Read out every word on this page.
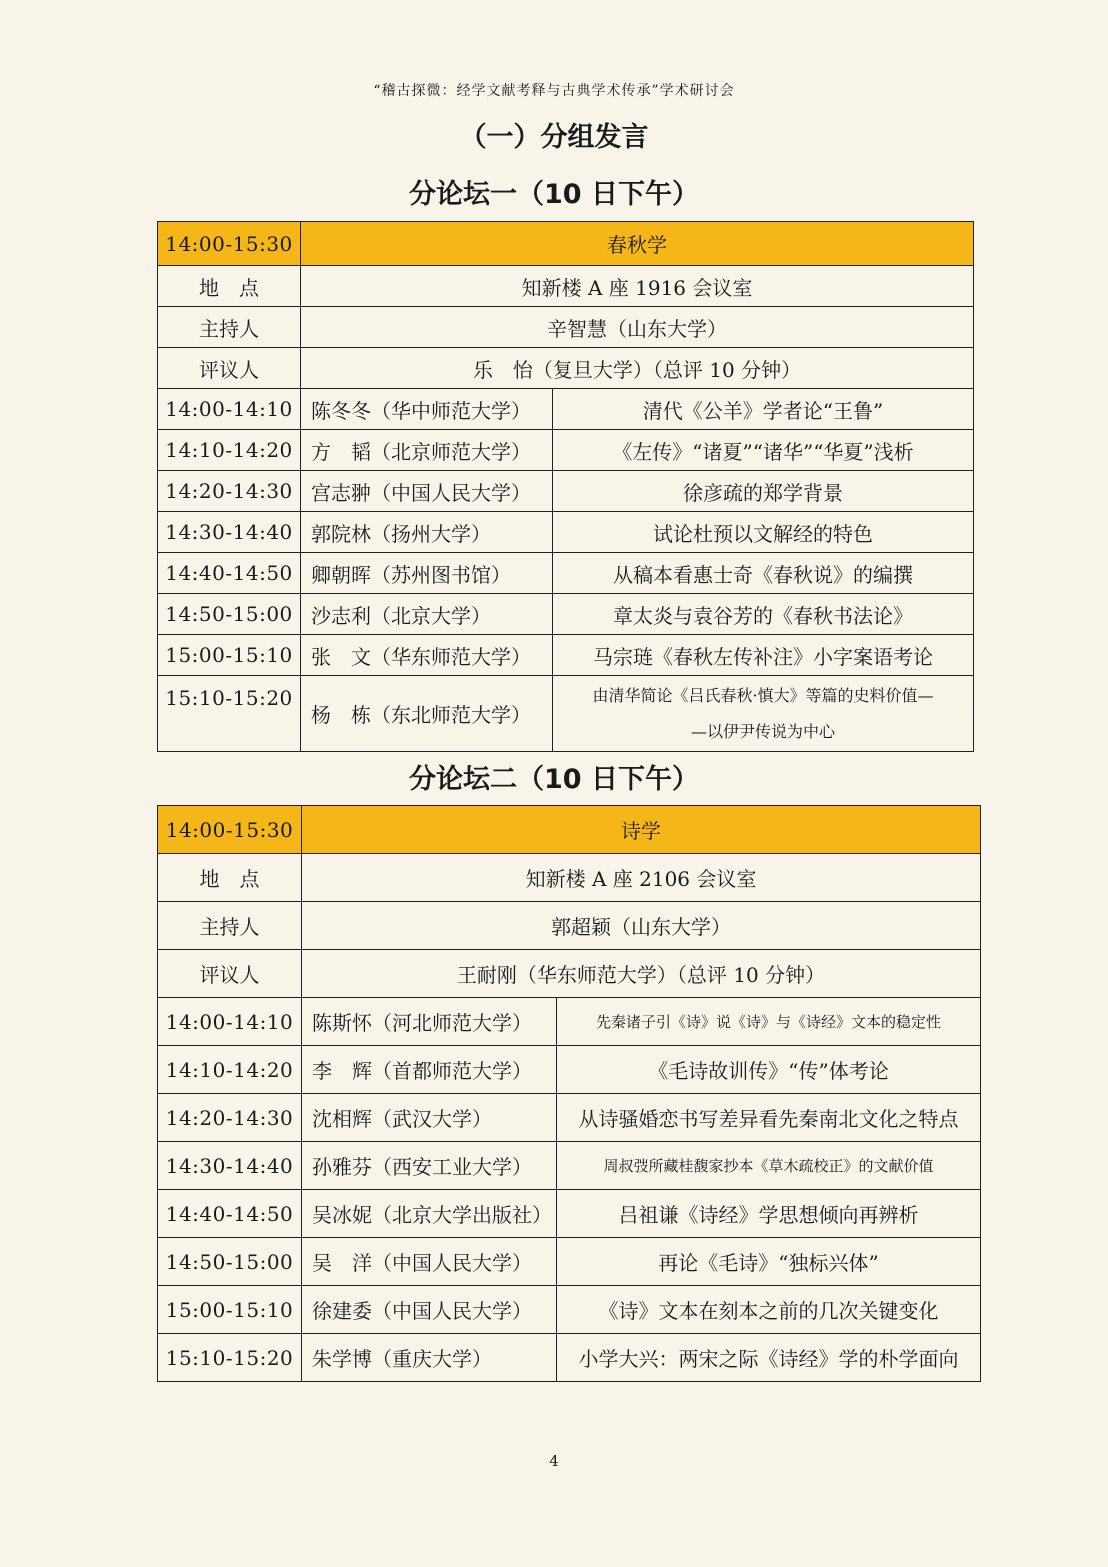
“稽古探微：经学文献考释与古典学术传承”学术研讨会
（一）分组发言
分论坛一（10 日下午）
14:00-15:30	春秋学	
地　点	知新楼 A 座 1916 会议室	
主持人	辛智慧（山东大学）	
评议人	乐　怡（复旦大学）（总评 10 分钟）	
14:00-14:10	陈冬冬（华中师范大学）	清代《公羊》学者论“王鲁”
14:10-14:20	方　韬（北京师范大学）	《左传》“诸夏”“诸华”“华夏”浅析
14:20-14:30	宫志翀（中国人民大学）	徐彦疏的郑学背景
14:30-14:40	郭院林（扬州大学）	试论杜预以文解经的特色
14:40-14:50	卿朝晖（苏州图书馆）	从稿本看惠士奇《春秋说》的编撰
14:50-15:00	沙志利（北京大学）	章太炎与袁谷芳的《春秋书法论》
15:00-15:10	张　文（华东师范大学）	马宗琏《春秋左传补注》小字案语考论
15:10-15:20	杨　栋（东北师范大学）	由清华简论《吕氏春秋·慎大》等篇的史料价值—
—以伊尹传说为中心
分论坛二（10 日下午）
14:00-15:30	诗学	
地　点	知新楼 A 座 2106 会议室	
主持人	郭超颖（山东大学）	
评议人	王耐刚（华东师范大学）（总评 10 分钟）	
14:00-14:10	陈斯怀（河北师范大学）	先秦诸子引《诗》说《诗》与《诗经》文本的稳定性
14:10-14:20	李　辉（首都师范大学）	《毛诗故训传》“传”体考论
14:20-14:30	沈相辉（武汉大学）	从诗骚婚恋书写差异看先秦南北文化之特点
14:30-14:40	孙雅芬（西安工业大学）	周叔弢所藏桂馥家抄本《草木疏校正》的文献价值
14:40-14:50	吴冰妮（北京大学出版社）	吕祖谦《诗经》学思想倾向再辨析
14:50-15:00	吴　洋（中国人民大学）	再论《毛诗》“独标兴体”
15:00-15:10	徐建委（中国人民大学）	《诗》文本在刻本之前的几次关键变化
15:10-15:20	朱学博（重庆大学）	小学大兴：两宋之际《诗经》学的朴学面向
4
